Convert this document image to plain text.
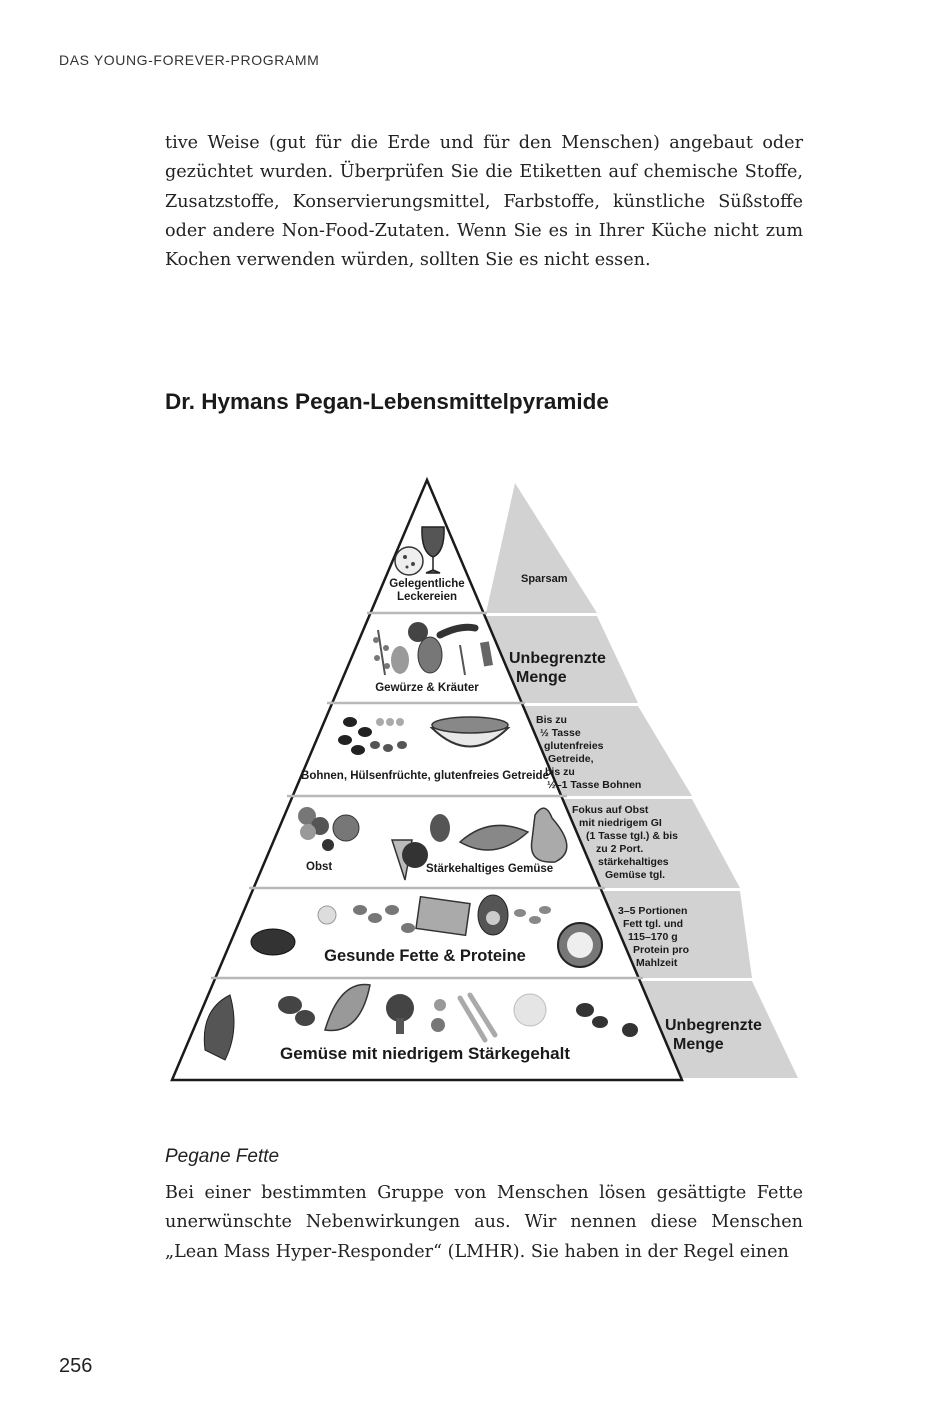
DAS YOUNG-FOREVER-PROGRAMM

tive Weise (gut für die Erde und für den Menschen) angebaut oder gezüchtet wurden. Überprüfen Sie die Etiketten auf chemische Stoffe, Zusatzstoffe, Konservierungsmittel, Farbstoffe, künstliche Süßstoffe oder andere Non-Food-Zutaten. Wenn Sie es in Ihrer Küche nicht zum Kochen verwenden würden, sollten Sie es nicht essen.

Dr. Hymans Pegan-Lebensmittelpyramide
Gelegentliche
Leckereien
Gewürze & Kräuter
Bohnen, Hülsenfrüchte, glutenfreies Getreide
Obst	Stärkehaltiges Gemüse
Gesunde Fette & Proteine
Gemüse mit niedrigem Stärkegehalt
Sparsam
Unbegrenzte Menge
Bis zu ½ Tasse glutenfreies Getreide, bis zu ½–1 Tasse Bohnen
Fokus auf Obst mit niedrigem GI (1 Tasse tgl.) & bis zu 2 Port. stärkehaltiges Gemüse tgl.
3–5 Portionen Fett tgl. und 115–170 g Protein pro Mahlzeit
Unbegrenzte Menge
Pegane Fette

Bei einer bestimmten Gruppe von Menschen lösen gesättigte Fette unerwünschte Nebenwirkungen aus. Wir nennen diese Menschen „Lean Mass Hyper-Responder“ (LMHR). Sie haben in der Regel einen

256
